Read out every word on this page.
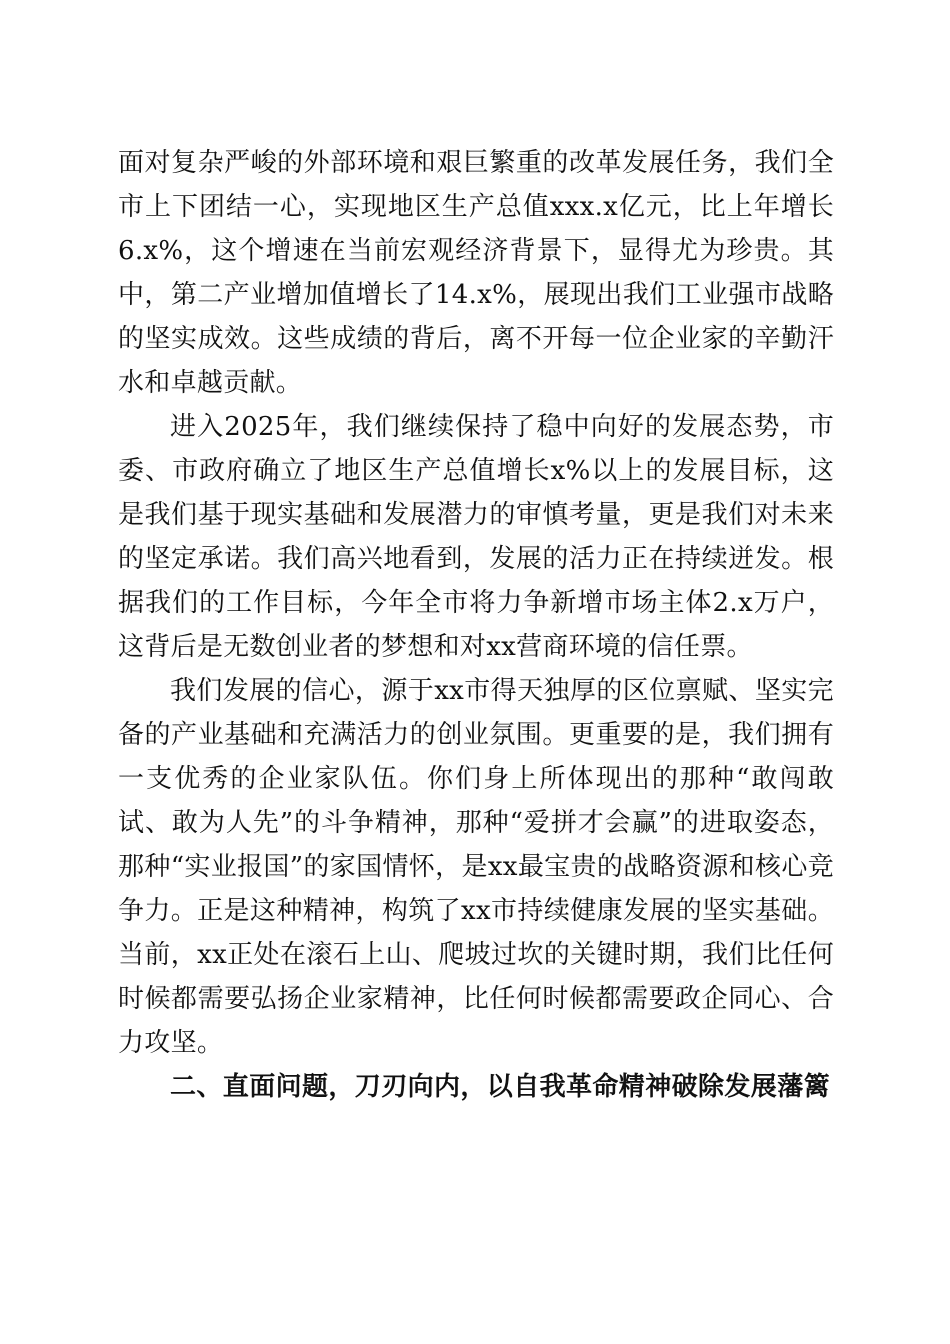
面对复杂严峻的外部环境和艰巨繁重的改革发展任务，我们全市上下团结一心，实现地区生产总值xxx.x亿元，比上年增长6.x%，这个增速在当前宏观经济背景下，显得尤为珍贵。其中，第二产业增加值增长了14.x%，展现出我们工业强市战略的坚实成效。这些成绩的背后，离不开每一位企业家的辛勤汗水和卓越贡献。

进入2025年，我们继续保持了稳中向好的发展态势，市委、市政府确立了地区生产总值增长x%以上的发展目标，这是我们基于现实基础和发展潜力的审慎考量，更是我们对未来的坚定承诺。我们高兴地看到，发展的活力正在持续迸发。根据我们的工作目标，今年全市将力争新增市场主体2.x万户，这背后是无数创业者的梦想和对xx营商环境的信任票。

我们发展的信心，源于xx市得天独厚的区位禀赋、坚实完备的产业基础和充满活力的创业氛围。更重要的是，我们拥有一支优秀的企业家队伍。你们身上所体现出的那种“敢闯敢试、敢为人先”的斗争精神，那种“爱拼才会赢”的进取姿态，那种“实业报国”的家国情怀，是xx最宝贵的战略资源和核心竞争力。正是这种精神，构筑了xx市持续健康发展的坚实基础。当前，xx正处在滚石上山、爬坡过坎的关键时期，我们比任何时候都需要弘扬企业家精神，比任何时候都需要政企同心、合力攻坚。

二、直面问题，刀刃向内，以自我革命精神破除发展藩篱
